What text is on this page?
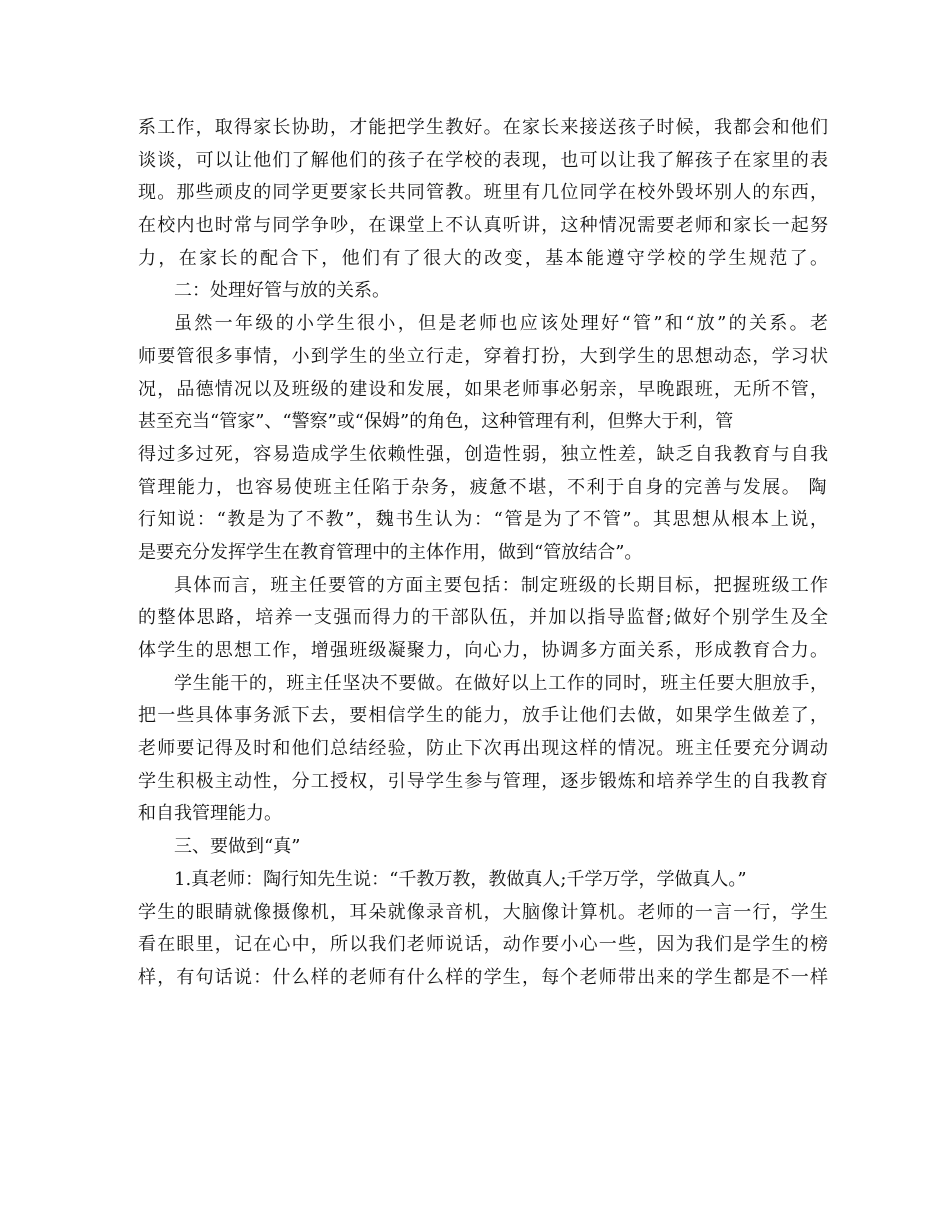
系工作，取得家长协助，才能把学生教好。在家长来接送孩子时候，我都会和他们
谈谈，可以让他们了解他们的孩子在学校的表现，也可以让我了解孩子在家里的表
现。那些顽皮的同学更要家长共同管教。班里有几位同学在校外毁坏别人的东西，
在校内也时常与同学争吵，在课堂上不认真听讲，这种情况需要老师和家长一起努
力，在家长的配合下，他们有了很大的改变，基本能遵守学校的学生规范了。
二：处理好管与放的关系。
虽然一年级的小学生很小，但是老师也应该处理好“管”和“放”的关系。老
师要管很多事情，小到学生的坐立行走，穿着打扮，大到学生的思想动态，学习状
况，品德情况以及班级的建设和发展，如果老师事必躬亲，早晚跟班，无所不管，
甚至充当“管家”、“警察”或“保姆”的角色，这种管理有利，但弊大于利，管
得过多过死，容易造成学生依赖性强，创造性弱，独立性差，缺乏自我教育与自我
管理能力，也容易使班主任陷于杂务，疲惫不堪，不利于自身的完善与发展。 陶
行知说：“教是为了不教”，魏书生认为：“管是为了不管”。其思想从根本上说，
是要充分发挥学生在教育管理中的主体作用，做到“管放结合”。
具体而言，班主任要管的方面主要包括：制定班级的长期目标，把握班级工作
的整体思路，培养一支强而得力的干部队伍，并加以指导监督;做好个别学生及全
体学生的思想工作，增强班级凝聚力，向心力，协调多方面关系，形成教育合力。
学生能干的，班主任坚决不要做。在做好以上工作的同时，班主任要大胆放手，
把一些具体事务派下去，要相信学生的能力，放手让他们去做，如果学生做差了，
老师要记得及时和他们总结经验，防止下次再出现这样的情况。班主任要充分调动
学生积极主动性，分工授权，引导学生参与管理，逐步锻炼和培养学生的自我教育
和自我管理能力。
三、要做到“真”
1.真老师：陶行知先生说：“千教万教，教做真人;千学万学，学做真人。”
学生的眼睛就像摄像机，耳朵就像录音机，大脑像计算机。老师的一言一行，学生
看在眼里，记在心中，所以我们老师说话，动作要小心一些，因为我们是学生的榜
样，有句话说：什么样的老师有什么样的学生，每个老师带出来的学生都是不一样
